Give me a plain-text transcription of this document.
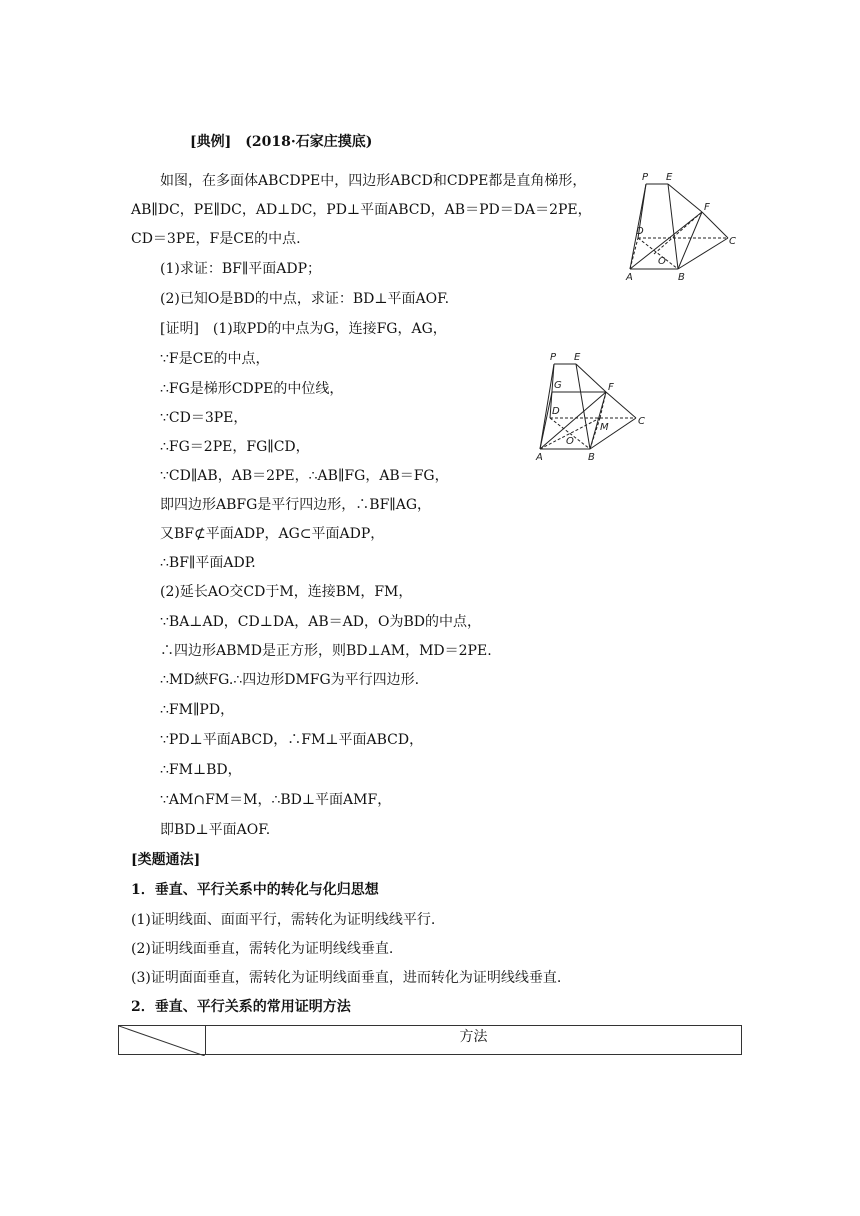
[典例] (2018·石家庄摸底)
如图，在多面体ABCDPE中，四边形ABCD和CDPE都是直角梯形，
AB∥DC，PE∥DC，AD⊥DC，PD⊥平面ABCD，AB＝PD＝DA＝2PE，
CD＝3PE，F是CE的中点.
(1)求证：BF∥平面ADP；
(2)已知O是BD的中点，求证：BD⊥平面AOF.
P E
F
D
C
O
A	B
[证明]　(1)取PD的中点为G，连接FG，AG，
∵F是CE的中点，
∴FG是梯形CDPE的中位线，
∵CD＝3PE，
∴FG＝2PE，FG∥CD，
∵CD∥AB，AB＝2PE，∴AB∥FG，AB＝FG，
即四边形ABFG是平行四边形，∴BF∥AG，
又BF⊄平面ADP，AG⊂平面ADP，
∴BF∥平面ADP.
(2)延长AO交CD于M，连接BM，FM，
∵BA⊥AD，CD⊥DA，AB＝AD，O为BD的中点，
∴四边形ABMD是正方形，则BD⊥AM，MD＝2PE.
∴MD綊FG.∴四边形DMFG为平行四边形.
∴FM∥PD，
∵PD⊥平面ABCD，∴FM⊥平面ABCD，
∴FM⊥BD，
∵AM∩FM＝M，∴BD⊥平面AMF，
即BD⊥平面AOF.
P E
G	F
D
M
C
O
A	B
[类题通法]
1．垂直、平行关系中的转化与化归思想
(1)证明线面、面面平行，需转化为证明线线平行.
(2)证明线面垂直，需转化为证明线线垂直.
(3)证明面面垂直，需转化为证明线面垂直，进而转化为证明线线垂直.
2．垂直、平行关系的常用证明方法
	方法
